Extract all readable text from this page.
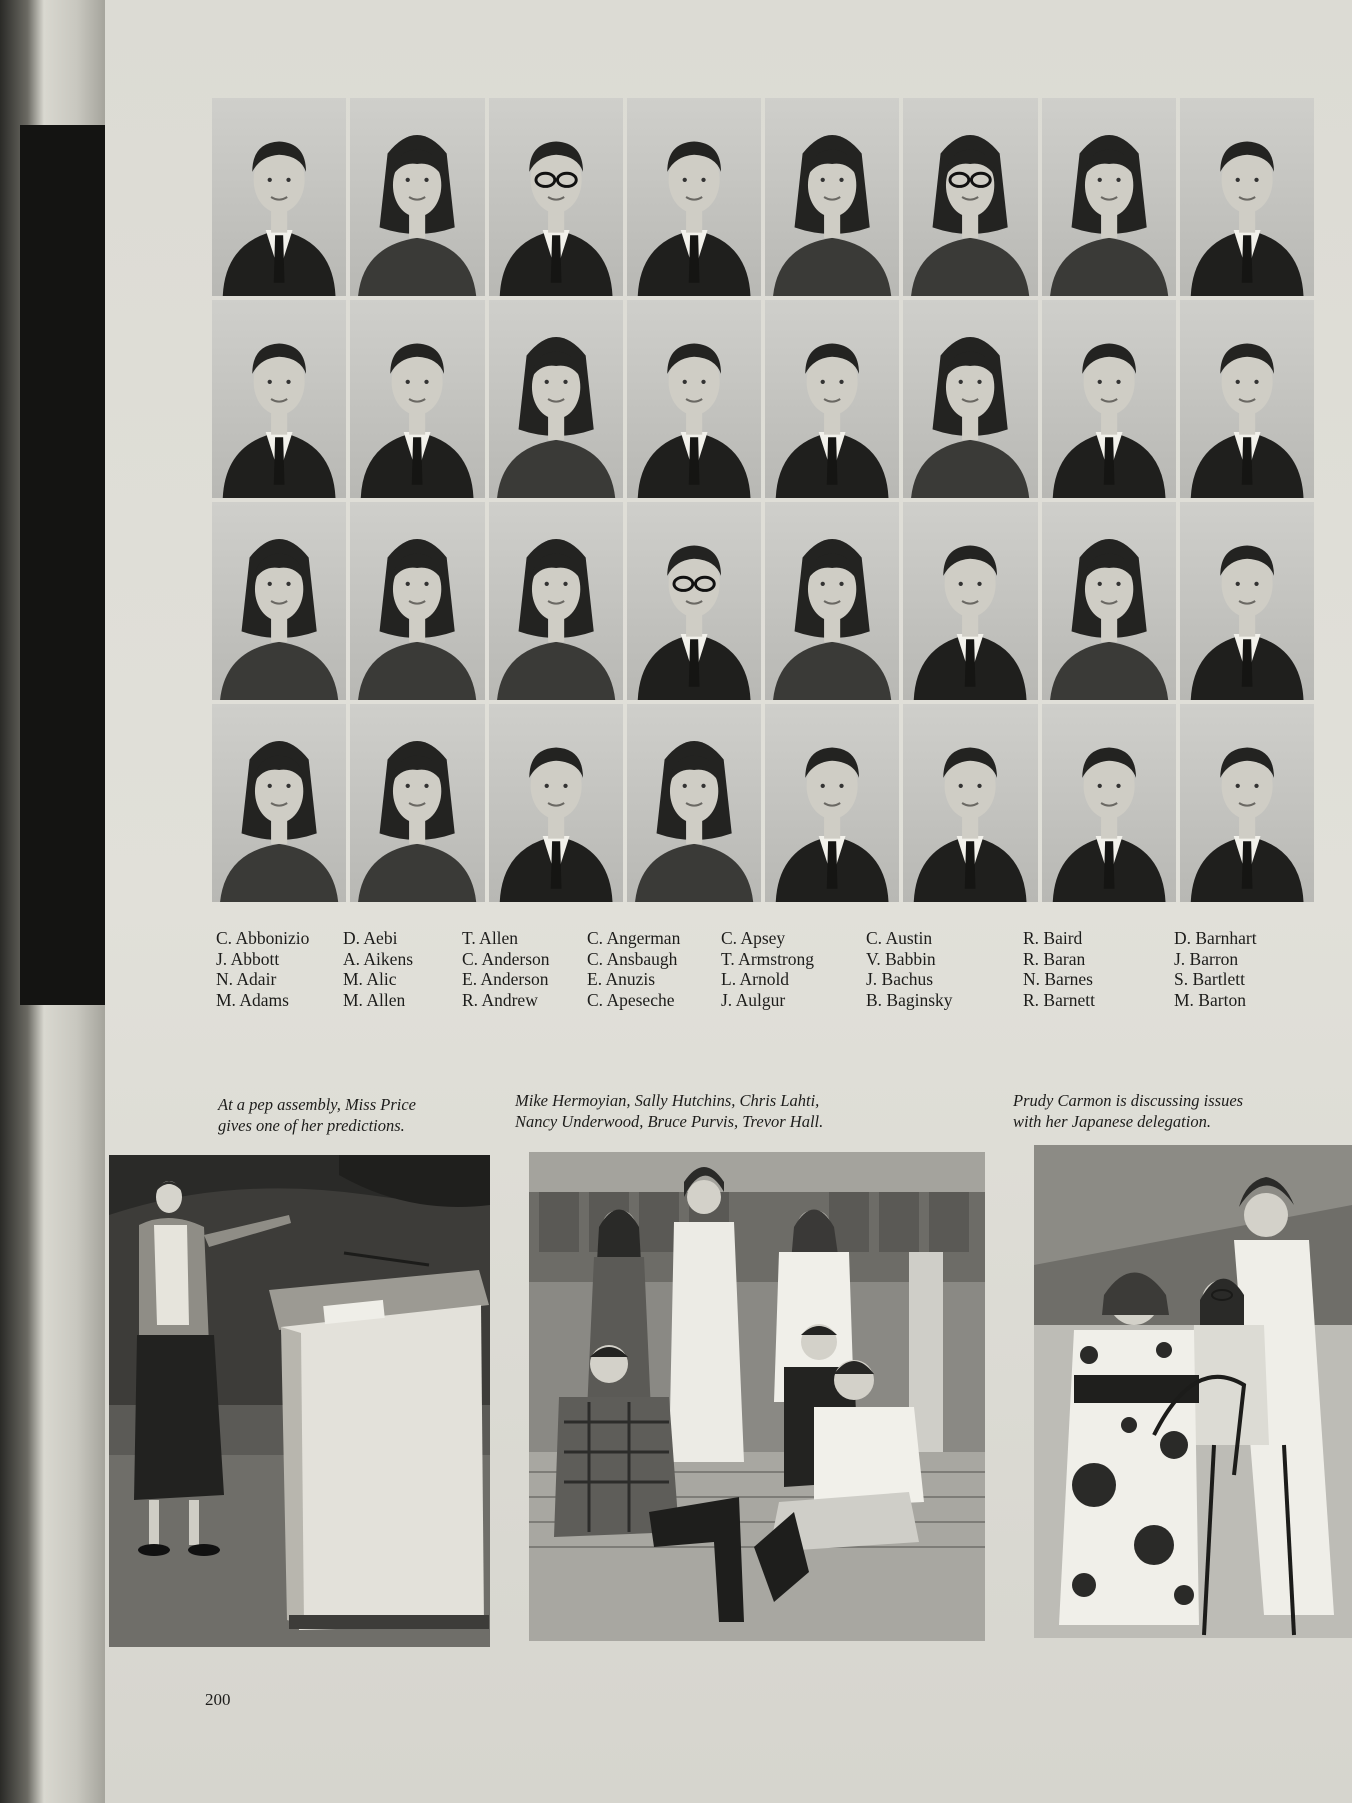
C. Abbonizio
J. Abbott
N. Adair
M. Adams
D. Aebi
A. Aikens
M. Alic
M. Allen
T. Allen
C. Anderson
E. Anderson
R. Andrew
C. Angerman
C. Ansbaugh
E. Anuzis
C. Apeseche
C. Apsey
T. Armstrong
L. Arnold
J. Aulgur
C. Austin
V. Babbin
J. Bachus
B. Baginsky
R. Baird
R. Baran
N. Barnes
R. Barnett
D. Barnhart
J. Barron
S. Bartlett
M. Barton
At a pep assembly, Miss Price
gives one of her predictions.
Mike Hermoyian, Sally Hutchins, Chris Lahti,
Nancy Underwood, Bruce Purvis, Trevor Hall.
Prudy Carmon is discussing issues
with her Japanese delegation.
200
